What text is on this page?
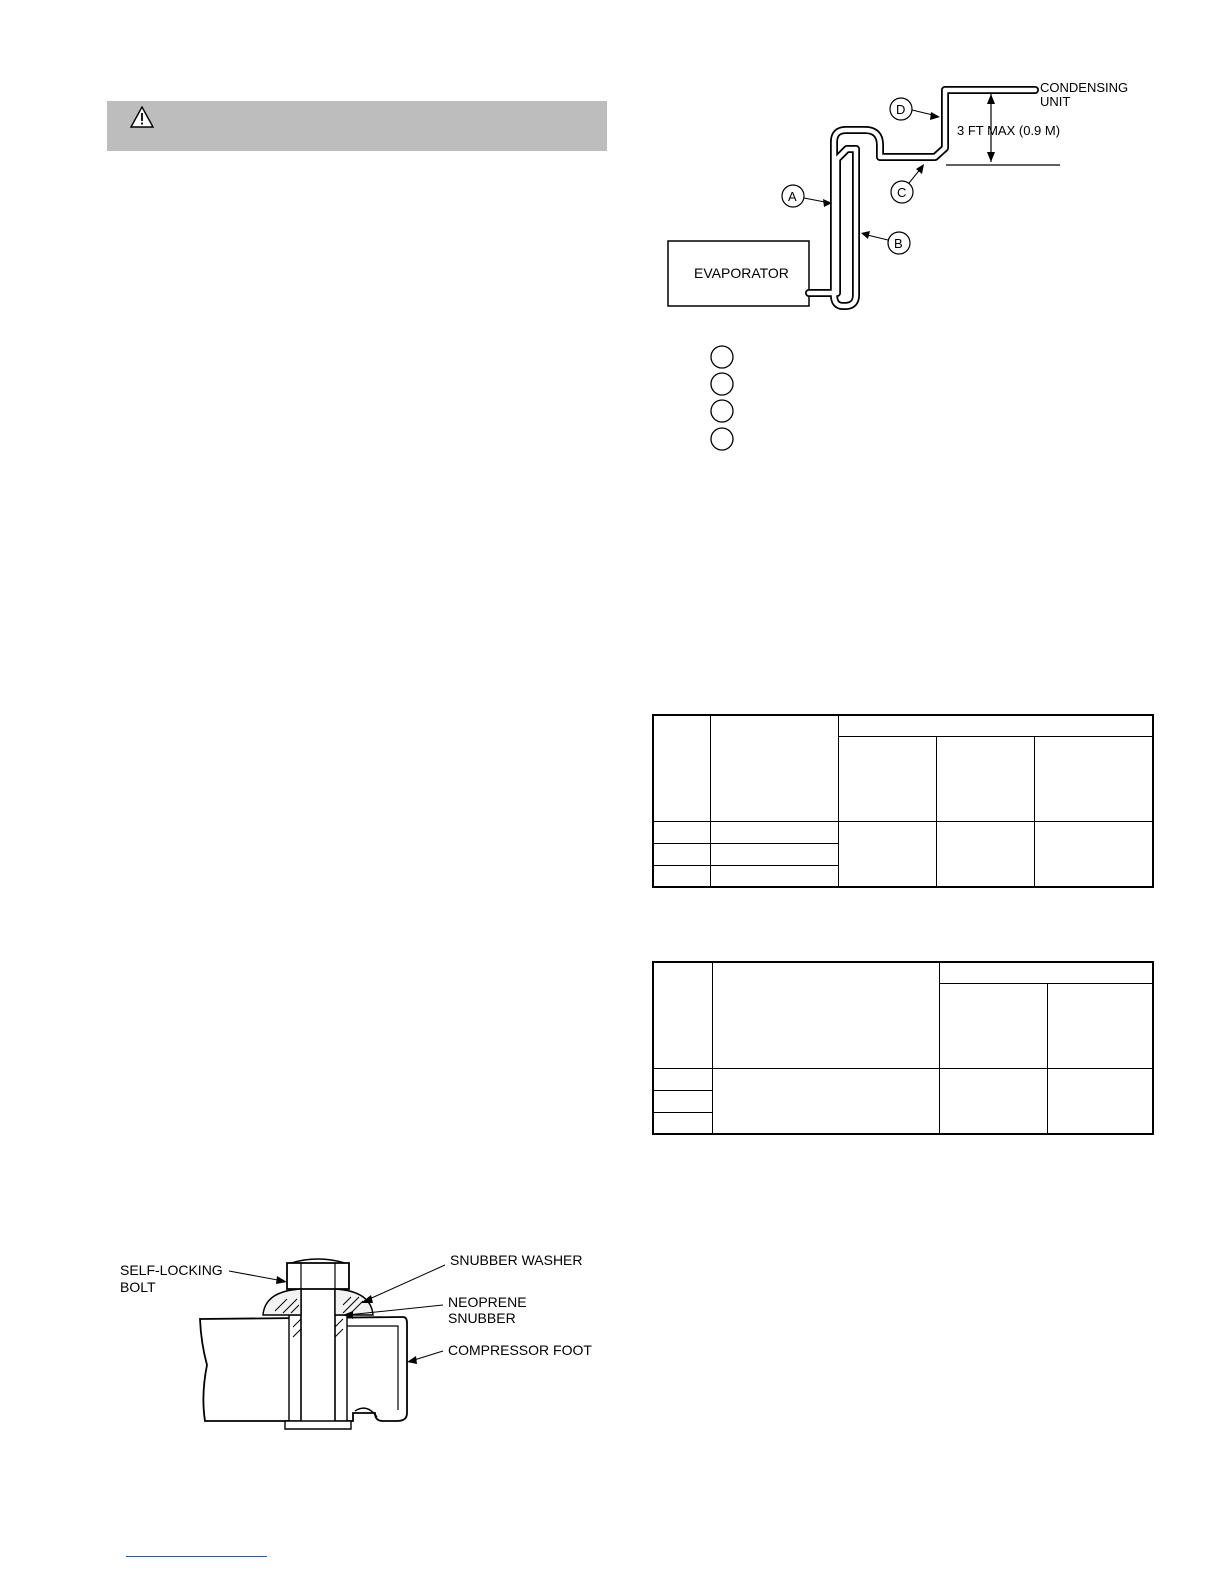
EVAPORATOR
3 FT MAX (0.9 M)
CONDENSING
UNIT
A
B
C
D

SELF-LOCKING
BOLT
SNUBBER WASHER
NEOPRENE
SNUBBER
COMPRESSOR FOOT
